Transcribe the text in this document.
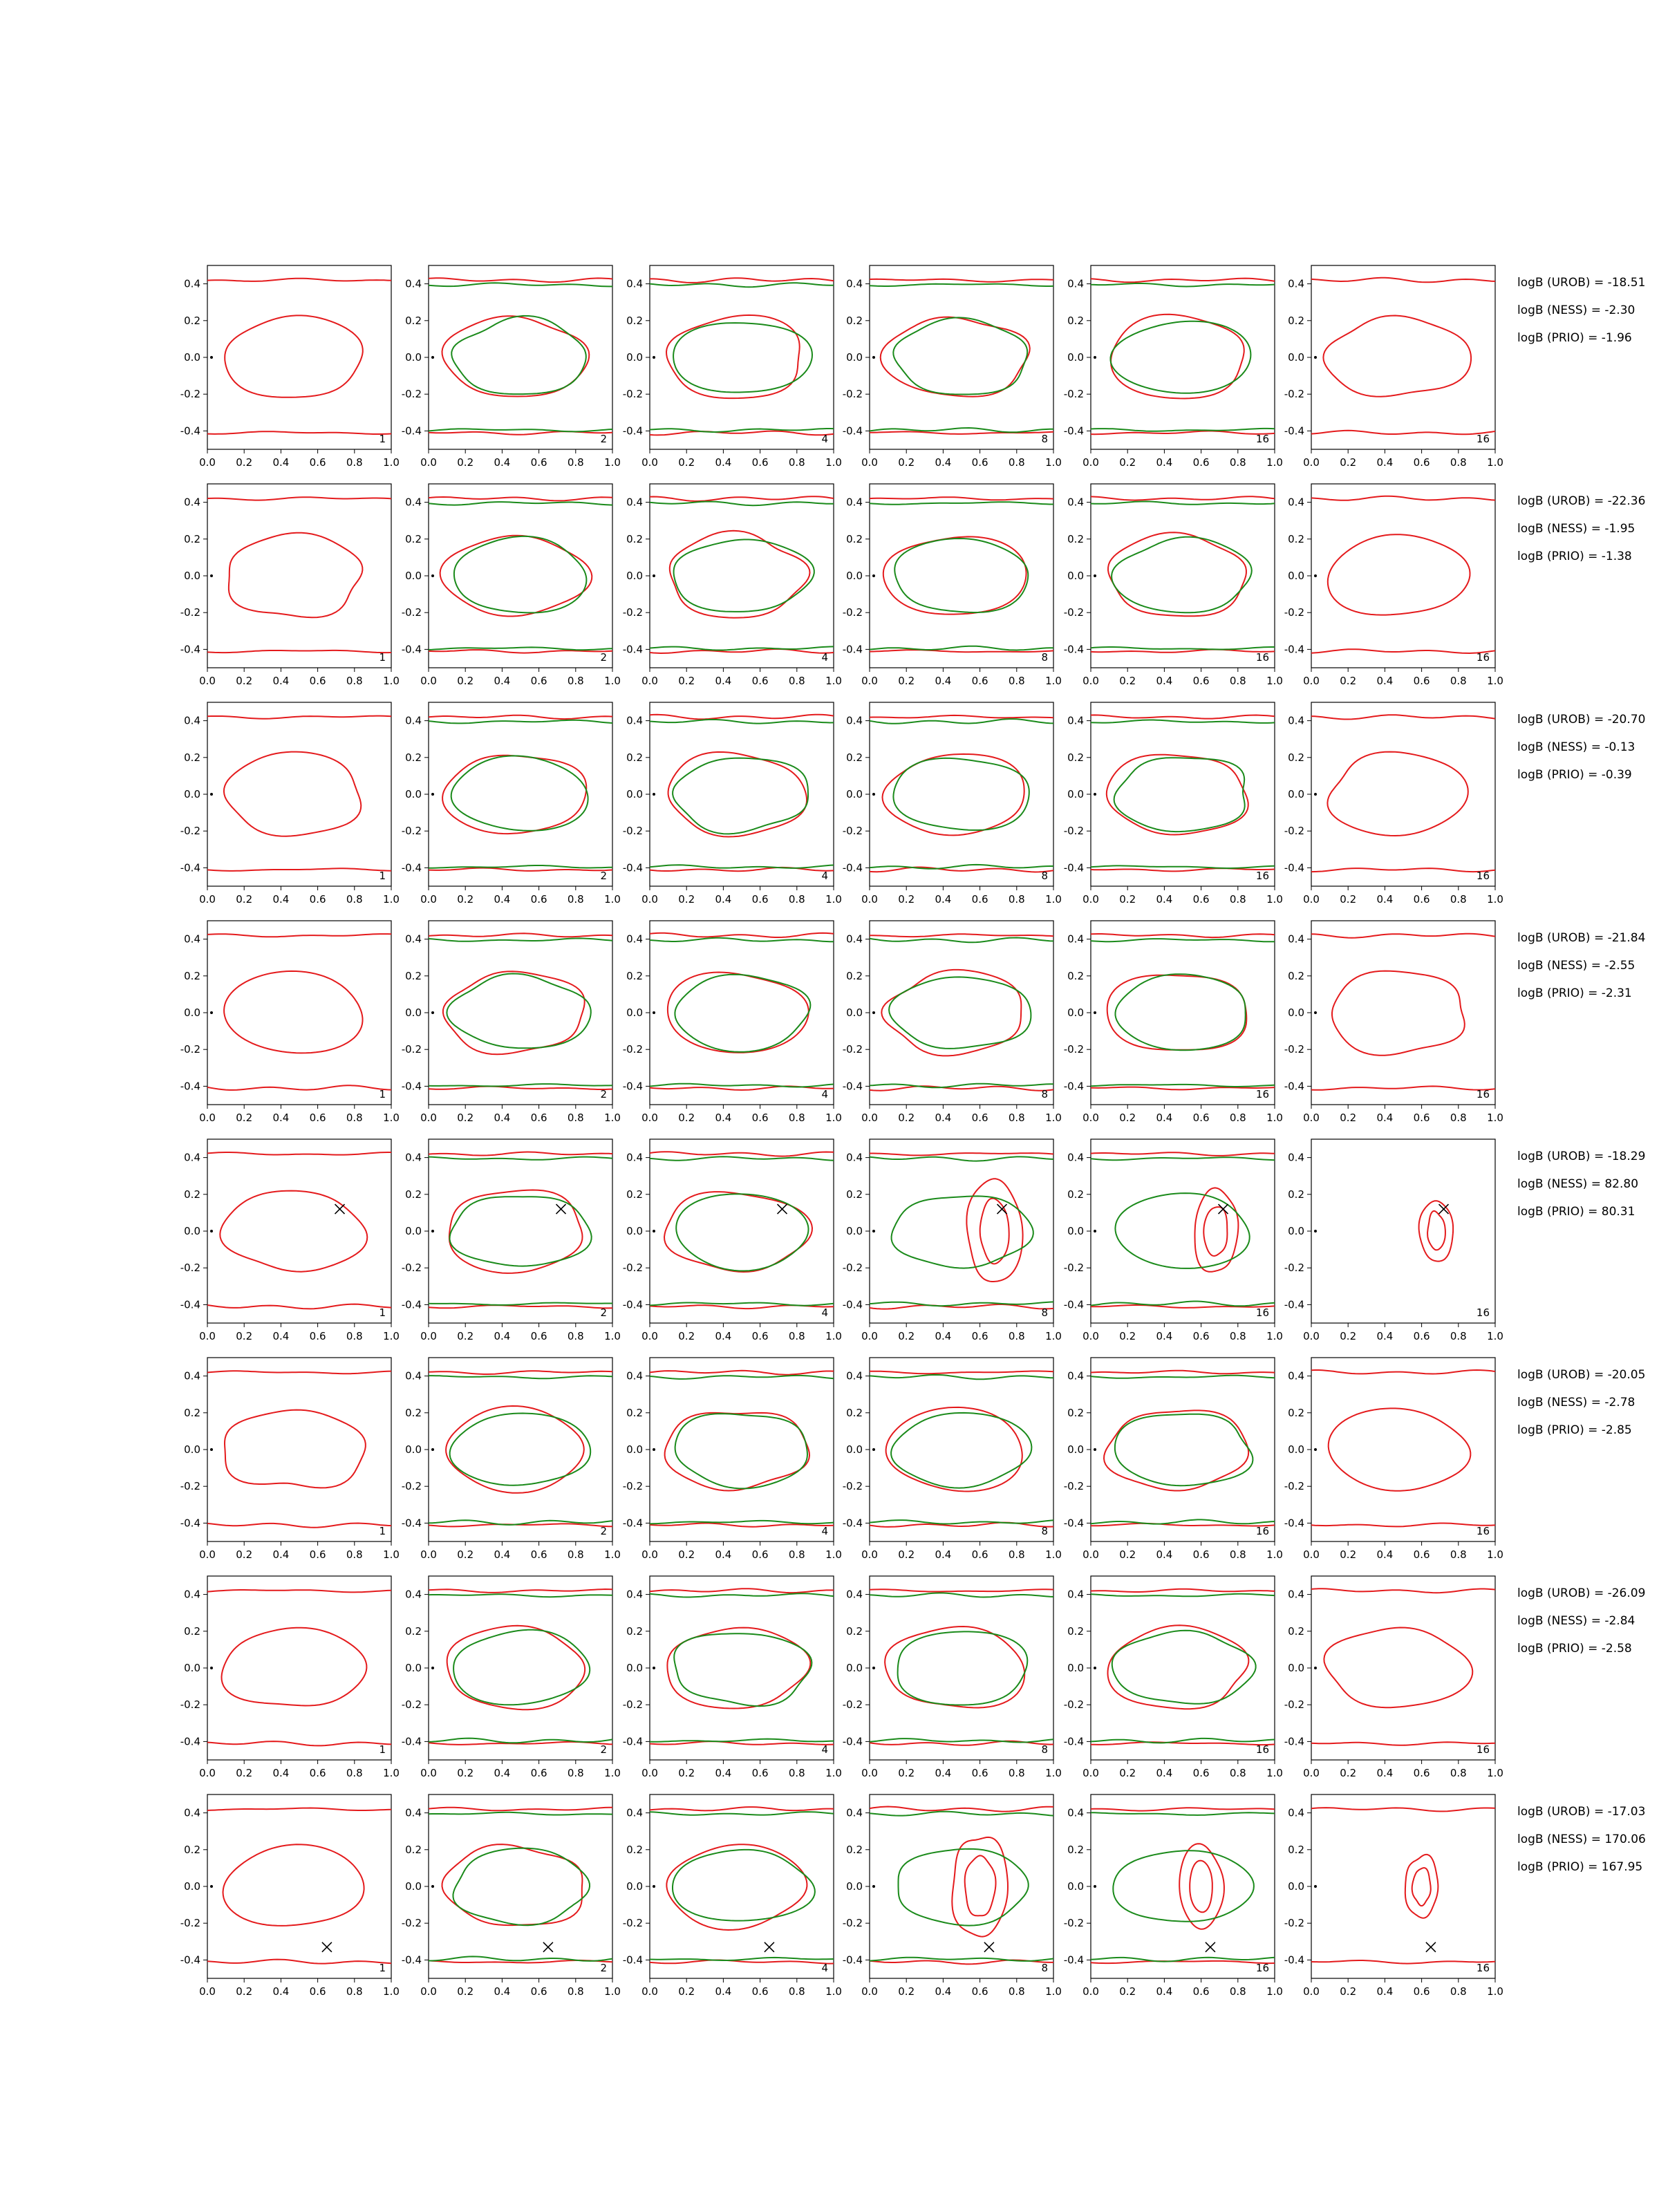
0.0 0.2 0.4 0.6 0.8 1.0
0.4
0.2
0.0
-0.2
-0.4
1
0.0 0.2 0.4 0.6 0.8 1.0
0.4
0.2
0.0
-0.2
-0.4
2
0.0 0.2 0.4 0.6 0.8 1.0
0.4
0.2
0.0
-0.2
-0.4
4
0.0 0.2 0.4 0.6 0.8 1.0
0.4
0.2
0.0
-0.2
-0.4
8
0.0 0.2 0.4 0.6 0.8 1.0
0.4
0.2
0.0
-0.2
-0.4
16
0.0 0.2 0.4 0.6 0.8 1.0
0.4
0.2
0.0
-0.2
-0.4
16
logB (UROB) = -18.51
logB (NESS) = -2.30
logB (PRIO) = -1.96
0.0 0.2 0.4 0.6 0.8 1.0
0.4
0.2
0.0
-0.2
-0.4
1
0.0 0.2 0.4 0.6 0.8 1.0
0.4
0.2
0.0
-0.2
-0.4
2
0.0 0.2 0.4 0.6 0.8 1.0
0.4
0.2
0.0
-0.2
-0.4
4
0.0 0.2 0.4 0.6 0.8 1.0
0.4
0.2
0.0
-0.2
-0.4
8
0.0 0.2 0.4 0.6 0.8 1.0
0.4
0.2
0.0
-0.2
-0.4
16
0.0 0.2 0.4 0.6 0.8 1.0
0.4
0.2
0.0
-0.2
-0.4
16
logB (UROB) = -22.36
logB (NESS) = -1.95
logB (PRIO) = -1.38
0.0 0.2 0.4 0.6 0.8 1.0
0.4
0.2
0.0
-0.2
-0.4
1
0.0 0.2 0.4 0.6 0.8 1.0
0.4
0.2
0.0
-0.2
-0.4
2
0.0 0.2 0.4 0.6 0.8 1.0
0.4
0.2
0.0
-0.2
-0.4
4
0.0 0.2 0.4 0.6 0.8 1.0
0.4
0.2
0.0
-0.2
-0.4
8
0.0 0.2 0.4 0.6 0.8 1.0
0.4
0.2
0.0
-0.2
-0.4
16
0.0 0.2 0.4 0.6 0.8 1.0
0.4
0.2
0.0
-0.2
-0.4
16
logB (UROB) = -20.70
logB (NESS) = -0.13
logB (PRIO) = -0.39
0.0 0.2 0.4 0.6 0.8 1.0
0.4
0.2
0.0
-0.2
-0.4
1
0.0 0.2 0.4 0.6 0.8 1.0
0.4
0.2
0.0
-0.2
-0.4
2
0.0 0.2 0.4 0.6 0.8 1.0
0.4
0.2
0.0
-0.2
-0.4
4
0.0 0.2 0.4 0.6 0.8 1.0
0.4
0.2
0.0
-0.2
-0.4
8
0.0 0.2 0.4 0.6 0.8 1.0
0.4
0.2
0.0
-0.2
-0.4
16
0.0 0.2 0.4 0.6 0.8 1.0
0.4
0.2
0.0
-0.2
-0.4
16
logB (UROB) = -21.84
logB (NESS) = -2.55
logB (PRIO) = -2.31
0.0 0.2 0.4 0.6 0.8 1.0
0.4
0.2
0.0
-0.2
-0.4
1
0.0 0.2 0.4 0.6 0.8 1.0
0.4
0.2
0.0
-0.2
-0.4
2
0.0 0.2 0.4 0.6 0.8 1.0
0.4
0.2
0.0
-0.2
-0.4
4
0.0 0.2 0.4 0.6 0.8 1.0
0.4
0.2
0.0
-0.2
-0.4
8
0.0 0.2 0.4 0.6 0.8 1.0
0.4
0.2
0.0
-0.2
-0.4
16
0.0 0.2 0.4 0.6 0.8 1.0
0.4
0.2
0.0
-0.2
-0.4
16
logB (UROB) = -18.29
logB (NESS) = 82.80
logB (PRIO) = 80.31
0.0 0.2 0.4 0.6 0.8 1.0
0.4
0.2
0.0
-0.2
-0.4
1
0.0 0.2 0.4 0.6 0.8 1.0
0.4
0.2
0.0
-0.2
-0.4
2
0.0 0.2 0.4 0.6 0.8 1.0
0.4
0.2
0.0
-0.2
-0.4
4
0.0 0.2 0.4 0.6 0.8 1.0
0.4
0.2
0.0
-0.2
-0.4
8
0.0 0.2 0.4 0.6 0.8 1.0
0.4
0.2
0.0
-0.2
-0.4
16
0.0 0.2 0.4 0.6 0.8 1.0
0.4
0.2
0.0
-0.2
-0.4
16
logB (UROB) = -20.05
logB (NESS) = -2.78
logB (PRIO) = -2.85
0.0 0.2 0.4 0.6 0.8 1.0
0.4
0.2
0.0
-0.2
-0.4
1
0.0 0.2 0.4 0.6 0.8 1.0
0.4
0.2
0.0
-0.2
-0.4
2
0.0 0.2 0.4 0.6 0.8 1.0
0.4
0.2
0.0
-0.2
-0.4
4
0.0 0.2 0.4 0.6 0.8 1.0
0.4
0.2
0.0
-0.2
-0.4
8
0.0 0.2 0.4 0.6 0.8 1.0
0.4
0.2
0.0
-0.2
-0.4
16
0.0 0.2 0.4 0.6 0.8 1.0
0.4
0.2
0.0
-0.2
-0.4
16
logB (UROB) = -26.09
logB (NESS) = -2.84
logB (PRIO) = -2.58
0.0 0.2 0.4 0.6 0.8 1.0
0.4
0.2
0.0
-0.2
-0.4
1
0.0 0.2 0.4 0.6 0.8 1.0
0.4
0.2
0.0
-0.2
-0.4
2
0.0 0.2 0.4 0.6 0.8 1.0
0.4
0.2
0.0
-0.2
-0.4
4
0.0 0.2 0.4 0.6 0.8 1.0
0.4
0.2
0.0
-0.2
-0.4
8
0.0 0.2 0.4 0.6 0.8 1.0
0.4
0.2
0.0
-0.2
-0.4
16
0.0 0.2 0.4 0.6 0.8 1.0
0.4
0.2
0.0
-0.2
-0.4
16
logB (UROB) = -17.03
logB (NESS) = 170.06
logB (PRIO) = 167.95
